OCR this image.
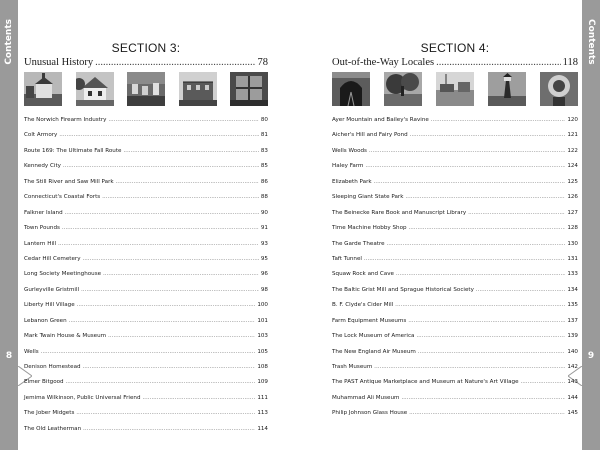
Contents
8
Contents
9
SECTION 3:
Unusual History .....	78
The Norwich Firearm Industry .....	80
Colt Armory .....	81
Route 169: The Ultimate Fall Route .....	83
Kennedy City .....	85
The Still River and Saw Mill Park .....	86
Connecticut's Coastal Forts .....	88
Falkner Island .....	90
Town Pounds .....	91
Lantern Hill .....	93
Cedar Hill Cemetery .....	95
Long Society Meetinghouse .....	96
Gurleyville Gristmill .....	98
Liberty Hill Village .....	100
Lebanon Green .....	101
Mark Twain House & Museum .....	103
Wells .....	105
Denison Homestead .....	108
Elmer Bitgood .....	109
Jemima Wilkinson, Public Universal Friend .....	111
The Jober Midgets .....	113
The Old Leatherman .....	114
SECTION 4:
Out-of-the-Way Locales .....	118
Ayer Mountain and Bailey's Ravine .....	120
Aicher's Hill and Fairy Pond .....	121
Wells Woods .....	122
Haley Farm .....	124
Elizabeth Park .....	125
Sleeping Giant State Park .....	126
The Beinecke Rare Book and Manuscript Library .....	127
Time Machine Hobby Shop .....	128
The Garde Theatre .....	130
Taft Tunnel .....	131
Squaw Rock and Cave .....	133
The Baltic Grist Mill and Sprague Historical Society .....	134
B. F. Clyde's Cider Mill .....	135
Farm Equipment Museums .....	137
The Lock Museum of America .....	139
The New England Air Museum .....	140
Trash Museum .....	142
The PAST Antique Marketplace and Museum at Nature's Art Village .....	143
Muhammad Ali Museum .....	144
Philip Johnson Glass House .....	145
